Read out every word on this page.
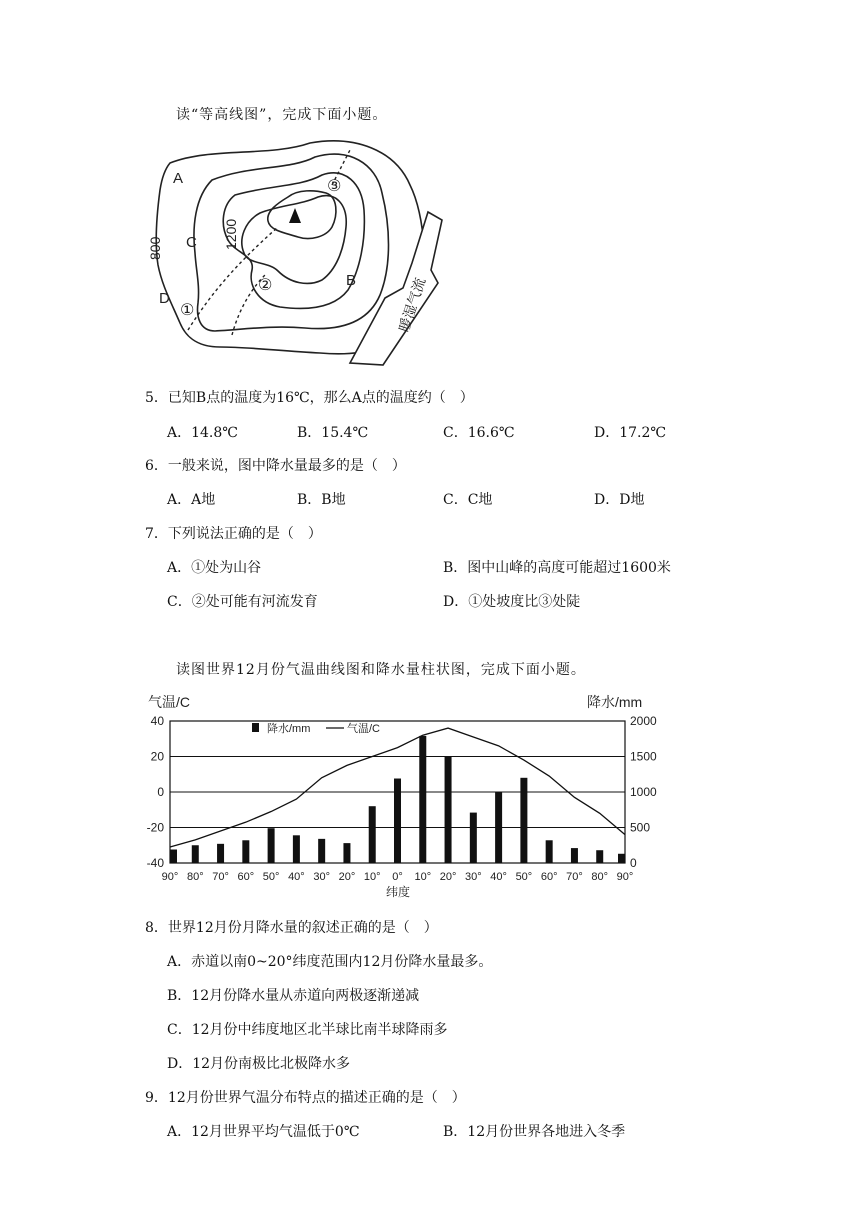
读“等高线图”，完成下面小题。
A
C
D
B
①
②
③
800	1200
暖湿气流
5．已知B点的温度为16℃，那么A点的温度约（　）
A．14.8℃	B．15.4℃	C．16.6℃	D．17.2℃
6．一般来说，图中降水量最多的是（　）
A．A地	B．B地	C．C地	D．D地
7．下列说法正确的是（　）
A．①处为山谷	B．图中山峰的高度可能超过1600米
C．②处可能有河流发育	D．①处坡度比③处陡
读图世界12月份气温曲线图和降水量柱状图，完成下面小题。
气温/C	降水/mm
40
20
0
-20
-40
2000
1500
1000
500
0
90° 80° 70° 60° 50° 40° 30° 20° 10° 0° 10° 20° 30° 40° 50° 60° 70° 80° 90°
纬度
降水/mm	气温/C
8．世界12月份月降水量的叙述正确的是（　）
A．赤道以南0~20°纬度范围内12月份降水量最多。
B．12月份降水量从赤道向两极逐渐递减
C．12月份中纬度地区北半球比南半球降雨多
D．12月份南极比北极降水多
9．12月份世界气温分布特点的描述正确的是（　）
A．12月世界平均气温低于0℃	B．12月份世界各地进入冬季
